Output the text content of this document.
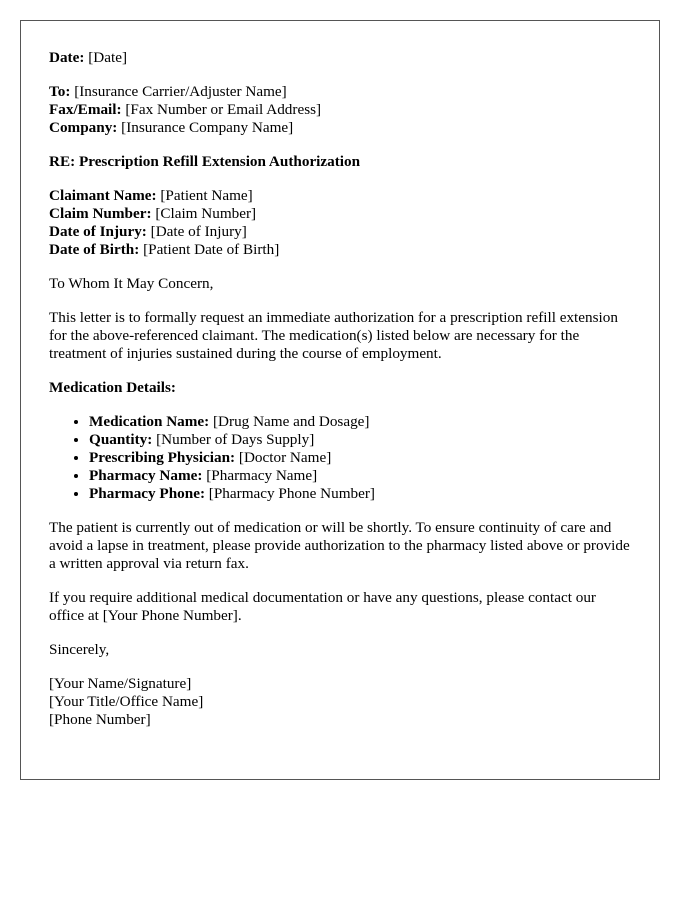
Date: [Date]

To: [Insurance Carrier/Adjuster Name]
Fax/Email: [Fax Number or Email Address]
Company: [Insurance Company Name]

RE: Prescription Refill Extension Authorization

Claimant Name: [Patient Name]
Claim Number: [Claim Number]
Date of Injury: [Date of Injury]
Date of Birth: [Patient Date of Birth]

To Whom It May Concern,

This letter is to formally request an immediate authorization for a prescription refill extension for the above-referenced claimant. The medication(s) listed below are necessary for the treatment of injuries sustained during the course of employment.

Medication Details:

• Medication Name: [Drug Name and Dosage]
• Quantity: [Number of Days Supply]
• Prescribing Physician: [Doctor Name]
• Pharmacy Name: [Pharmacy Name]
• Pharmacy Phone: [Pharmacy Phone Number]

The patient is currently out of medication or will be shortly. To ensure continuity of care and avoid a lapse in treatment, please provide authorization to the pharmacy listed above or provide a written approval via return fax.

If you require additional medical documentation or have any questions, please contact our office at [Your Phone Number].

Sincerely,

[Your Name/Signature]
[Your Title/Office Name]
[Phone Number]
